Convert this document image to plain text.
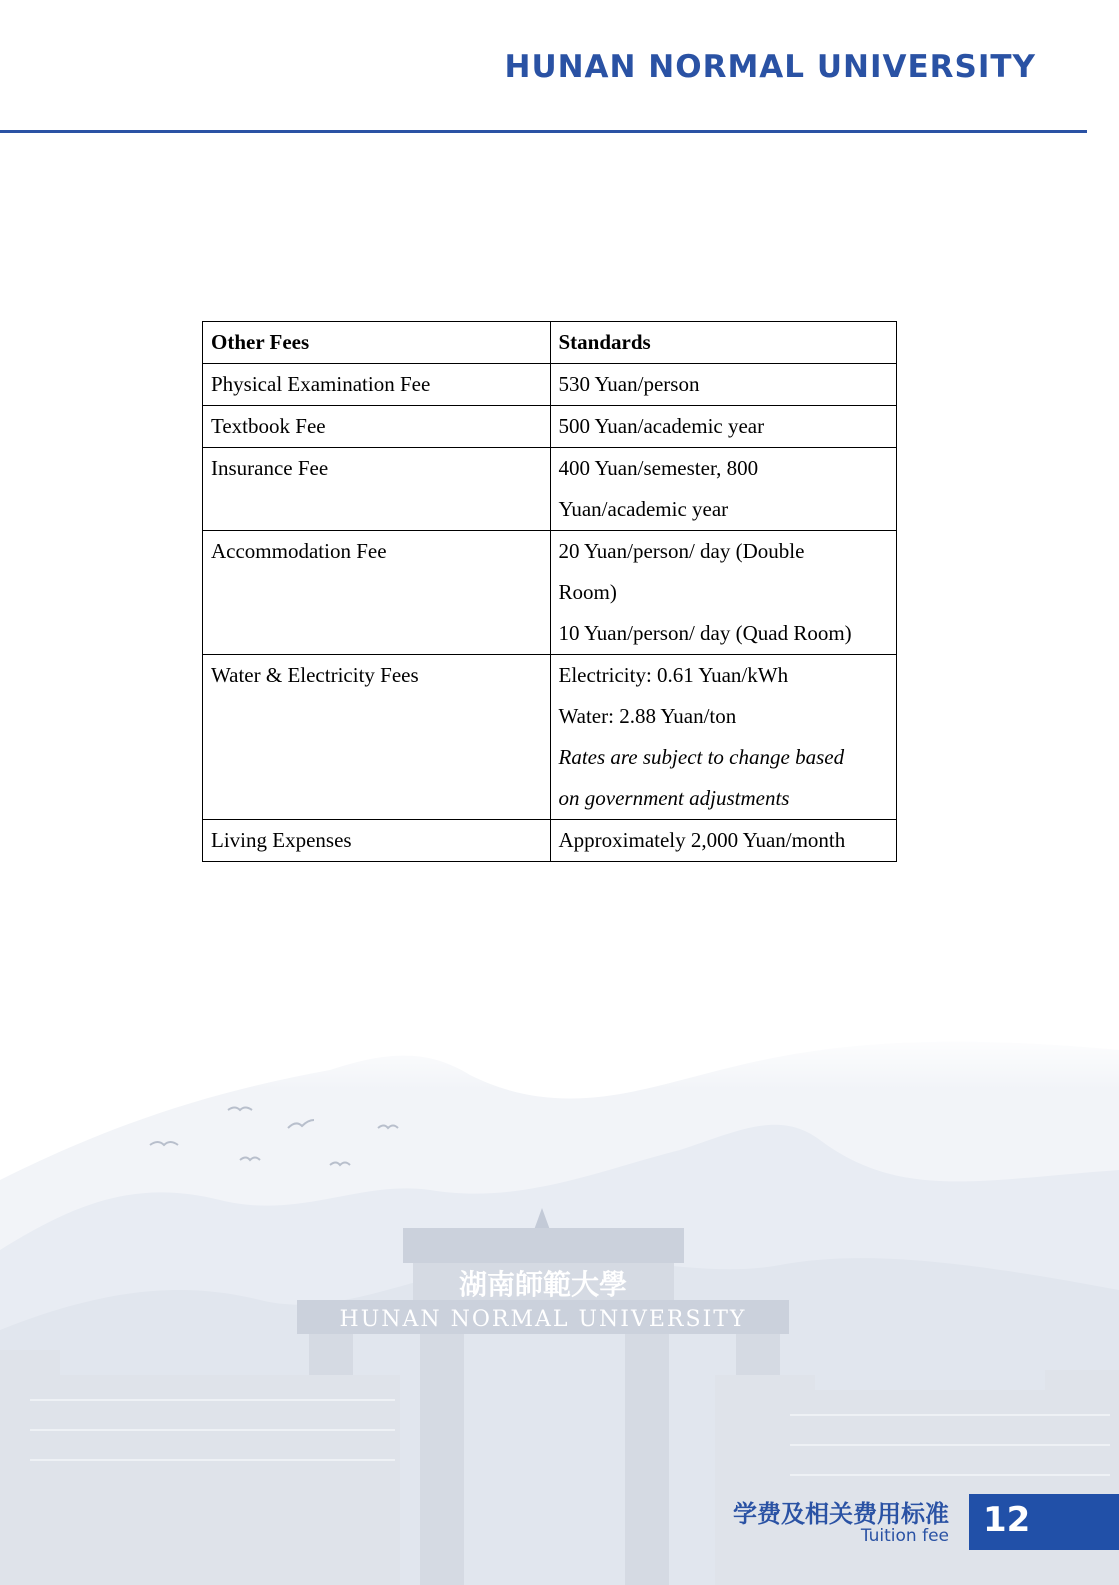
HUNAN NORMAL UNIVERSITY
Other Fees	Standards
Physical Examination Fee	530 Yuan/person

Textbook Fee	500 Yuan/academic year

Insurance Fee	400 Yuan/semester, 800
Yuan/academic year

Accommodation Fee	20 Yuan/person/ day (Double
Room)
10 Yuan/person/ day (Quad Room)

Water & Electricity Fees	Electricity: 0.61 Yuan/kWh
Water: 2.88 Yuan/ton
Rates are subject to change based
on government adjustments

Living Expenses	Approximately 2,000 Yuan/month
湖南師範大學
HUNAN NORMAL UNIVERSITY
学费及相关费用标准
Tuition fee 12
